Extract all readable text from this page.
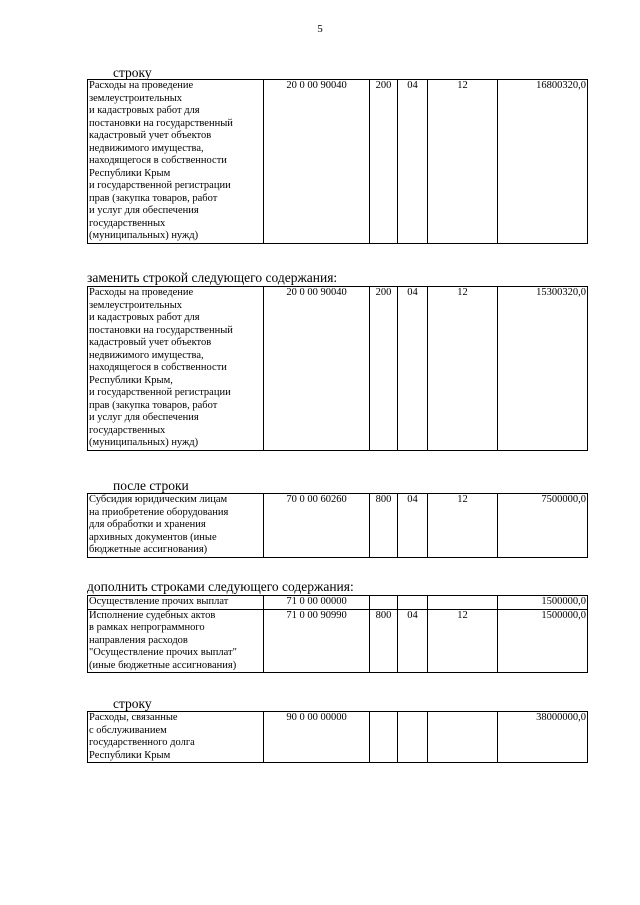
5
строку
Расходы на проведение
землеустроительных
и кадастровых работ для
постановки на государственный
кадастровый учет объектов
недвижимого имущества,
находящегося в собственности
Республики Крым
и государственной регистрации
прав (закупка товаров, работ
и услуг для обеспечения
государственных
(муниципальных) нужд)	20 0 00 90040	200	04	12	16800320,0
заменить строкой следующего содержания:
Расходы на проведение
землеустроительных
и кадастровых работ для
постановки на государственный
кадастровый учет объектов
недвижимого имущества,
находящегося в собственности
Республики Крым,
и государственной регистрации
прав (закупка товаров, работ
и услуг для обеспечения
государственных
(муниципальных) нужд)	20 0 00 90040	200	04	12	15300320,0
после строки
Субсидия юридическим лицам
на приобретение оборудования
для обработки и хранения
архивных документов (иные
бюджетные ассигнования)	70 0 00 60260	800	04	12	7500000,0
дополнить строками следующего содержания:
Осуществление прочих выплат	71 0 00 00000				1500000,0
Исполнение судебных актов
в рамках непрограммного
направления расходов
"Осуществление прочих выплат"
(иные бюджетные ассигнования)	71 0 00 90990	800	04	12	1500000,0
строку
Расходы, связанные
с обслуживанием
государственного долга
Республики Крым	90 0 00 00000				38000000,0
